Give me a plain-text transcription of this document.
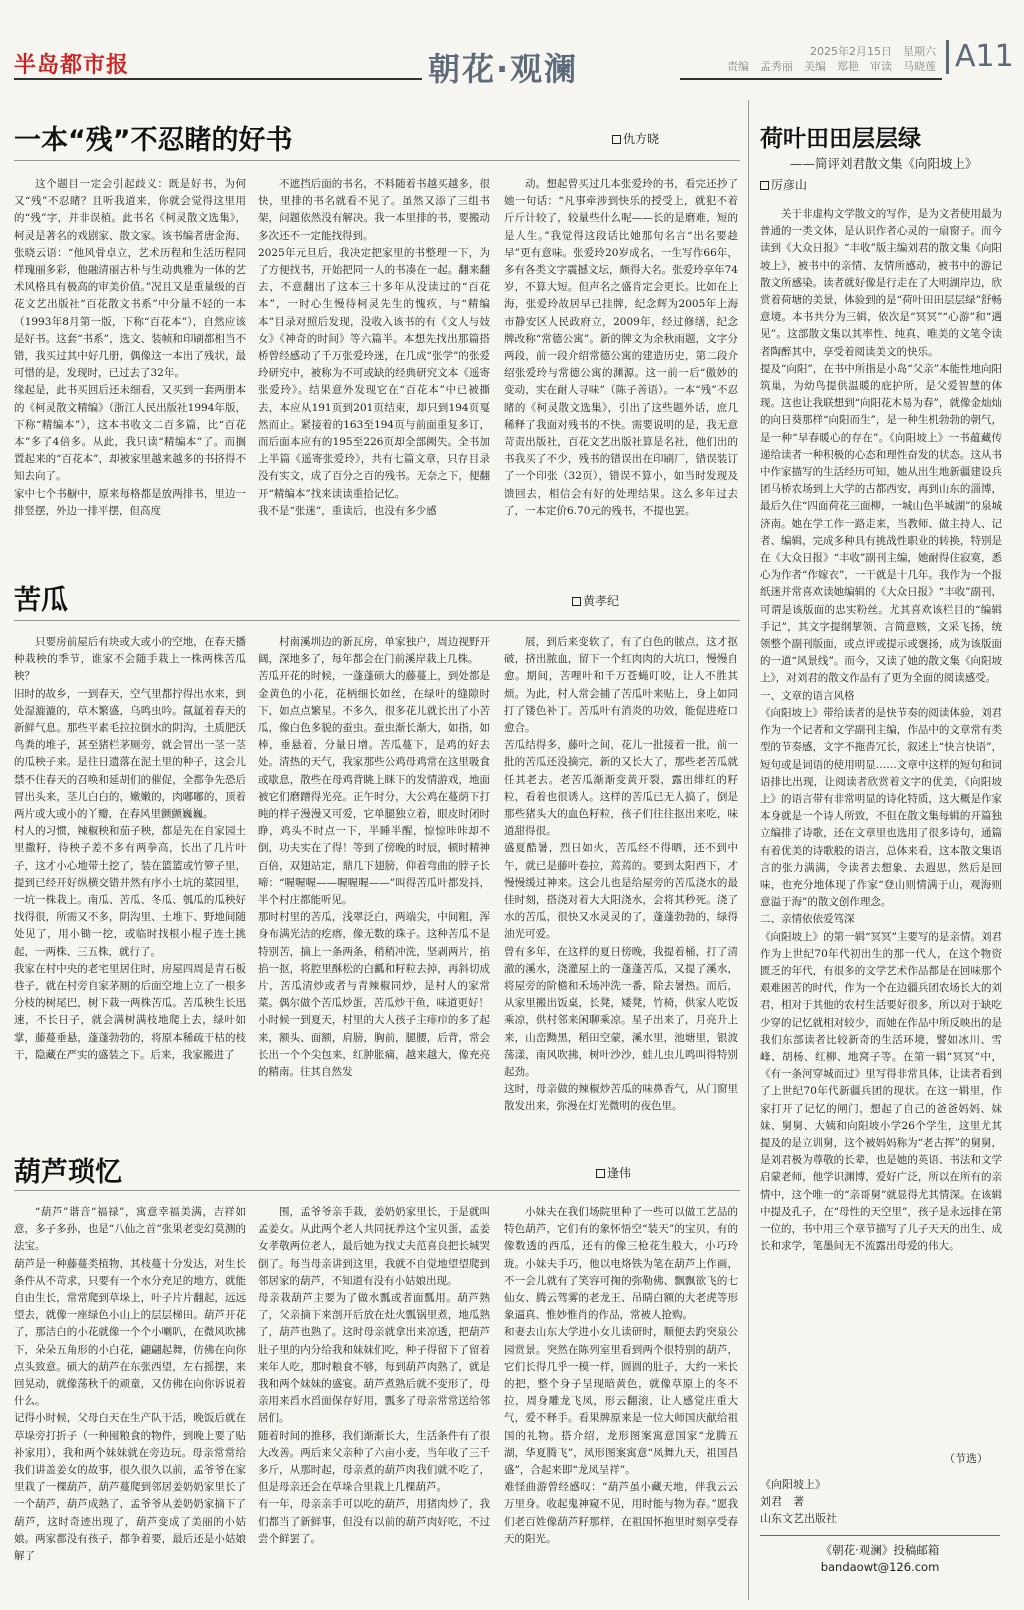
半岛都市报	朝花·观澜	2025年2月15日　星期六
责编　孟秀丽　美编　郑艳　审读　马晓莲 A11
一本“残”不忍睹的好书	仇方晓
这个题目一定会引起歧义：既是好书，为何又“残”不忍睹？且听我道来，你就会觉得这里用的“残”字，并非误植。此书名《柯灵散文选集》，柯灵是著名的戏剧家、散文家。该书编者唐金海、张晓云语：“他风骨卓立，艺术历程和生活历程同样瑰丽多彩，他融清丽古朴与生动典雅为一体的艺术风格具有极高的审美价值。”况且又是重量级的百花文艺出版社“百花散文书系”中分量不轻的一本（1993年8月第一版，下称“百花本”），自然应该是好书。这套“书系”，选文、装帧和印刷都相当不错，我买过其中好几册，偶像这一本出了残状，最可惜的是，发现时，已过去了32年。
缘起是，此书买回后还未细看，又买到一套两册本的《柯灵散文精编》（浙江人民出版社1994年版，下称“精编本”），这本书收文二百多篇，比“百花本”多了4倍多。从此，我只读“精编本”了。而搁置起来的“百花本”，却被家里越来越多的书挤得不知去向了。
家中七个书橱中，原来每格都是放两排书，里边一排竖摆，外边一排平摆，但高度
不遮挡后面的书名，不料随着书越买越多，很快，里排的书名就看不见了。虽然又添了三组书架，问题依然没有解决。我一本里排的书，要搬动多次还不一定能找得到。
2025年元旦后，我决定把家里的书整理一下，为了方便找书，开始把同一人的书凑在一起。翻来翻去，不意翻出了这本三十多年从没读过的“百花本”，一时心生慢待柯灵先生的愧疚，与“精编本”目录对照后发现，没收入该书的有《文人与妓女》《神奇的时间》等六篇半。本想先找出那篇搭桥曾经感动了千万张爱玲迷，在几成“张学”的张爱玲研究中，被称为不可或缺的经典研究文本《遥寄张爱玲》。结果意外发现它在“百花本”中已被撕去，本应从191页到201页结束，却只到194页戛然而止。紧接着的163至194页与前面重复多订，而后面本应有的195至226页却全部阙失。全书加上半篇《遥寄张爱玲》，共有七篇文章，只存目录没有实文，成了百分之百的残书。无奈之下，便翻开“精编本”找来读读重拾记忆。
我不是“张迷”，重读后，也没有多少感
动。想起曾买过几本张爱玲的书，看完还抄了她一句话：“凡事牵涉到快乐的授受上，就犯不着斤斤计较了，较量些什么呢——长的是磨难，短的是人生。”我觉得这段话比她那句名言“出名要趁早”更有意味。张爱玲20岁成名，一生写作66年，多有各类文字震撼文坛，颇得大名。张爱玲享年74岁，不算大短。但声名之盛肯定会更长。比如在上海，张爱玲故居早已挂牌，纪念辉为2005年上海市静安区人民政府立，2009年，经过修缮，纪念牌改称“常德公寓”。新的牌文为余秋雨题，文字分两段，前一段介绍常德公寓的建造历史，第二段介绍张爱玲与常德公寓的渊源。这一前一后“傲妙的变动，实在耐人寻味”（陈子善语）。一本“残”不忍睹的《柯灵散文选集》，引出了这些题外话，庶几稀释了我面对残书的不快。需要说明的是，我无意苛责出版社，百花文艺出版社算是名社，他们出的书我买了不少，残书的错误出在印刷厂，错误装订了一个印张（32页），错误不算小，如当时发现及馈回去，相信会有好的处理结果。这么多年过去了，一本定价6.70元的残书，不提也罢。
苦瓜	黄孝纪
只要房前屋后有块或大或小的空地，在春天播种栽秧的季节，谁家不会随手栽上一株两株苦瓜秧？
旧时的故乡，一到春天，空气里都拧得出水来，到处湿漉漉的，草木繁盛，乌鸣虫吟。氤氲着春天的新鲜气息。那些平素毛拉拉倒水的阴沟，土质肥沃鸟粪的堆子，甚至猪栏茅厕旁，就会冒出一茎一茎的瓜秧子来。是往日遗落在泥土里的种子，这会儿禁不住春天的召唤和延胡们的催促，全都争先恐后冒出头来，茎儿白白的，嫩嫩的，肉嘟嘟的，顶着两片或大或小的丫瓣，在春风里颤颤巍巍。
村人的习惯，辣椒秧和茄子秧，都是先在自家园土里撒籽，待秧子差不多有两拳高，长出了几片叶子，这才小心地带土挖了，装在篮篮或竹箩子里，提到已经开好纵横交错井然有序小土坑的菜园里，一坑一株栽上。南瓜、苦瓜、冬瓜、瓠瓜的瓜秧好找得很，所需又不多，阴沟里、土堆下、野地间随处见了，用小锄一挖，或临时找根小棍子连土挑起，一两株、三五株，就行了。
我家在村中央的老宅里居住时，房屋四周是青石板巷子，就在村旁自家茅厕的后面空地上立了一根多分枝的树尾巴，树下栽一两株苦瓜。苦瓜秧生长迅速，不长日子，就会满树满枝地爬上去，绿叶如掌，藤蔓垂悬，蓬蓬勃勃的，将原本稀疏干枯的枝干，隐藏在严实的盛装之下。后来，我家搬进了
村南溪圳边的新瓦房，单家独户，周边视野开阔，深地多了，每年都会在门前溪岸栽上几株。
苦瓜开花的时候，一蓬蓬硕大的藤蔓上，到处都是金黄色的小花，花柄细长如丝，在绿叶的缝隙时下，如点点繁星。不多久，很多花儿就长出了小苦瓜，像白色多貌的蚕虫。蚕虫渐长渐大，如指，如棒，垂悬着，分量日增。苦瓜蔓下，是鸡的好去处。清热的天气，我家那些公鸡母鸡常在这里吸食或歇息，散些在母鸡背眺上眯下的发情游戏，地面被它们磨蹭得光亮。正午时分，大公鸡在蔓荫下打盹的样子漫漫又可爱，它单腿独立着，眼皮时闭时睁，鸡头不时点一下，半睡半醒，惊惊咔咔却不倒，功夫实在了得！等到了傍晚的时辰，顿时精神百倍，双翅站定，鼎几下翅膀，仰着弯曲的脖子长啼：“喔喔喔——喔喔喔——”叫得苦瓜叶都发抖，半个村庄都能听见。
那时村里的苦瓜，浅翠泛白，两端尖，中间粗，浑身布满光洁的疙瘩，像无数的珠子。这种苦瓜不是特别苦，摘上一条两条，稍稍冲洗，坚剥两片，掐掐一抠，将腔里酥松的白瓤和籽粒去掉，再斜切成片，苦瓜清炒或者与青辣椒同炒，是村人的家常菜。偶尔做个苦瓜炒蛋，苦瓜炒干鱼，味道更好！
小时候一到夏天，村里的大人孩子主痱疖的多了起来，额头、面额，肩膀，胸前，腿腰，后背，常会长出一个个尖包来，红肿胀痛，越来越大，像充亮的精南。往其自然发
展，到后来变软了，有了白色的脓点，这才抠破，挤出脓血，留下一个红肉肉的大坑口，慢慢自愈。期间，苦哩叶和千万苍蝇叮咬，让人不胜其烦。为此，村人常会捕了苦瓜叶来贴上，身上如同打了镂色补丁。苦瓜叶有消炎的功效，能促进疮口愈合。
苦瓜结得多，藤叶之间，花儿一批接着一批，前一批的苦瓜还没摘完，新的又长大了，那些老苦瓜就任其老去。老苦瓜渐渐变黄开裂，露出绯红的籽粒，看着也很诱人。这样的苦瓜已无人搞了，倒是那些猪头大的血色籽粒，孩子们往往抠出来吃，味道甜得很。
盛夏酷暑，烈日如火，苦瓜经不得晒，还不到中午，就已是藤叶卷拉，蔫蔫的。要到太阳西下，才慢慢缓过神来。这会儿也是给屋旁的苦瓜浇水的最佳时刻，搭浇对着大大阳浇水，会将其秒死。浇了水的苦瓜，很快又水灵灵的了，蓬蓬勃勃的，绿得油光可爱。
曾有多年，在这样的夏日傍晚，我提着桶，打了清澈的溪水，浇灌屋上的一蓬蓬苦瓜，又提了溪水，将屋旁的阶檐和禾场冲洗一番，除去暑热。而后，从家里搬出饭桌，长凳，矮凳，竹椅，供家人吃饭乘凉，供村邻来闲聊乘凉。星子出来了，月亮升上来，山峦黝黑，稻田空蒙，溪水里，池塘里，银波荡漾，南风吹拂，树叶沙沙，蛙儿虫儿鸣叫得特别起劲。
这时，母亲做的辣椒炒苦瓜的味鼻香气，从门窗里散发出来，弥漫在灯光微明的夜色里。
葫芦琐忆	逢伟
“葫芦”谐音“福禄”，寓意幸福美满，吉祥如意，多子多孙，也是“八仙之首”张果老变幻莫测的法宝。
葫芦是一种藤蔓类植物，其枝蔓十分发达，对生长条件从不苛求，只要有一个水分充足的地方，就能自由生长，常常爬到草垛上，叶子片片翻起，远远望去，就像一座绿色小山上的层层梯田。葫芦开花了，那洁白的小花就像一个个小喇叭，在微风吹拂下，朵朵五角形的小白花，翩翩起舞，仿佛在向你点头致意。硕大的葫芦在东张西望，左右摇摆，来回晃动，就像荡秋千的顽童，又仿佛在向你诉说着什么。
记得小时候，父母白天在生产队干活，晚饭后就在草垛旁打折子（一种囤粮食的物件，到晚上要了贴补家用），我和两个妹妹就在旁边玩。母亲常常给我们讲盖姜女的故事，很久很久以前，孟爷爷在家里栽了一棵葫芦，葫芦蔓爬到邻居姜奶奶家里长了一个葫芦，葫芦成熟了，孟爷爷从姜奶奶家摘下了葫芦，这时奇迹出现了，葫芦变成了美丽的小姑娘。两家都没有孩子，都争着要，最后还是小姑娘解了
围，孟爷爷亲手栽，姜奶奶家里长，于是就叫孟姜女。从此两个老人共同抚养这个宝贝蛋，孟姜女孝敬两位老人，最后她为找丈夫范喜良把长城哭倒了。每当母亲讲到这里，我就不自觉地望望爬到邻居家的葫芦，不知道有没有小姑娘出现。
母亲栽葫芦主要为了做水瓢或者面瓢用。葫芦熟了，父亲摘下来剖开后放在灶火瓢锅里煮，地瓜熟了，葫芦也熟了。这时母亲就拿出来凉透，把葫芦肚子里的内分给我和妹妹们吃，种子得留下了留着来年人吃，那时粮食不够，每到葫芦肉熟了，就是我和两个妹妹的盛宴。葫芦煮熟后就不变形了，母亲用来舀水舀面保存好用，瓢多了母亲常常送给邻居们。
随着时间的推移，我们渐渐长大，生活条件有了很大改善。两后来父亲种了六亩小麦，当年收了三千多斤，从那时起，母亲煮的葫芦肉我们就不吃了，但是母亲还会在草垛合里栽上几棵葫芦。
有一年，母亲亲手可以吃的葫芦，用猪肉炒了，我们都当了新鲜事，但没有以前的葫芦肉好吃，不过尝个鲜罢了。
小妹夫在我们场院里种了一些可以做工艺品的特色葫芦，它们有的象怀悟空“装天”的宝贝，有的像数透的西瓜，还有的像三枪花生般大，小巧玲珑。小妹夫手巧，他以电烙铁为笔在葫芦上作画，不一会儿就有了笑容可掬的弥勒佛、飘飘欲飞的七仙女、腾云驾雾的老龙王、吊睛白额的大老虎等形象逼真、惟妙惟肖的作品，常被人抢购。
和妻去山东大学进小女儿读研时，顺便去趵突泉公园赏景。突然在陈列室里看到两个很特别的葫芦，它们长得几乎一模一样，圆圆的肚子，大约一米长的把，整个身子呈现暗黄色，就像草原上的冬不拉，周身雕龙飞凤，形云翻滚，让人感觉庄重大气，爱不释手。看果牌原来是一位大师国庆献给祖国的礼物。搭介绍，龙形图案寓意国家“龙腾五湖，华夏腾飞”，凤形图案寓意“凤舞九天，祖国昌盛”，合起来即“龙凤呈祥”。
难怪曲游曾经感叹：“葫芦虽小藏天地，伴我云云万里身。收起鬼神窥不见，用时能与物为春。”愿我们老百姓像葫芦籽那样，在祖国怀抱里时刻享受春天的阳光。
荷叶田田层层绿
——简评刘君散文集《向阳坡上》
厉彦山
关于非虚构文学散文的写作，是为文者使用最为普通的一类文体，是认识作者心灵的一扇窗子。而今读到《大众日报》“丰收”版主编刘君的散文集《向阳坡上》，被书中的亲情、友情所感动，被书中的游记散文所感染。读者就好像是行走在了大明湖岸边，欣赏着荷塘的美景，体验到的是“荷叶田田层层绿”舒畅意境。本书共分为三辑，依次是“冥冥”“心游”和“遇见”。这部散文集以其率性、纯真、唯美的文笔令读者陶醉其中，享受着阅读美文的快乐。
提及“向阳”，在书中所指是小岛“父亲”本能性地向阳筑巢，为幼鸟提供温暖的庇护所，是父爱智慧的体现。这也让我联想到“向阳花木易为春”，就像金灿灿的向日葵那样“向阳而生”，是一种生机勃勃的朝气，是一种“早春暖心的存在”。《向阳坡上》一书蕴藏传递给读者一种积极的心态和理性奋发的状态。这从书中作家描写的生活经历可知，她从出生地新疆建设兵团马桥农场到上大学的古都西安，再到山东的淄博，最后久住“四面荷花三面柳，一城山色半城湖”的泉城济南。她在学工作一路走来，当教师、做主持人、记者、编辑，完成多种具有挑战性职业的转换，特别是在《大众日报》“丰收”副刊主编，她耐得住寂寞，悉心为作者“作嫁衣”，一干就是十几年。我作为一个报纸迷并常喜欢读她编辑的《大众日报》“丰收”副刊，可谓是该版面的忠实粉丝。尤其喜欢该栏目的“编辑手记”，其文字提纲挈领、言简意赅，文采飞扬，统领整个副刊版面，或点评或提示或褒扬，成为该版面的一道“风景线”。而今，又读了她的散文集《向阳坡上》，对刘君的散文作品有了更为全面的阅读感受。
一、文章的语言风格
《向阳坡上》带给读者的是快节奏的阅读体验，刘君作为一个记者和文学副刊主编，作品中的文章常有类型的节奏感，文字不拖沓冗长，叙述上“快言快语”，短句或是词语的使用明显……文章中这样的短句和词语排比出现，让阅读者欣赏着文字的优美，《向阳坡上》的语言带有非常明显的诗化特质，这大概是作家本身就是一个诗人所致，不但在散文集每辑的开篇独立编排了诗歌，还在文章里也选用了很多诗句，通篇有着优美的诗歌般的语言，总体来看，这本散文集语言的张力满满，令读者去想象、去遐思，然后是回味，也充分地体现了作家“登山则情满于山，观海则意溢于海”的散文创作理念。
二、亲情依依爱笃深
《向阳坡上》的第一辑“冥冥”主要写的是亲情。刘君作为上世纪70年代初出生的那一代人，在这个物资匮乏的年代，有很多的文学艺术作品都是在回味那个艰难困苦的时代，作为一个在边疆兵团农场长大的刘君，相对于其他的农村生活要好很多，所以对于缺吃少穿的记忆就相对较少，而她在作品中所反映出的是我们东部读者比较新奇的生活环境，譬如冰川、雪峰、胡杨、红柳、地窝子等。在第一辑“冥冥”中，《有一条河穿城而过》里写得非常具体，让读者看到了上世纪70年代新疆兵团的现状。在这一辑里，作家打开了记忆的闸门，想起了自己的爸爸妈妈、妹妹、舅舅、大姨和向阳坡小学26个学生，这里尤其提及的是立训舅，这个被妈妈称为“老古挥”的舅舅，是刘君极为尊敬的长辈，也是她的英语、书法和文学启蒙老师，他学识渊博，爱好广泛，所以在所有的亲情中，这个唯一的“亲哥舅”就显得尤其情深。在该辑中提及孔子，在“母性的天空里”，孩子是永远排在第一位的，书中用三个章节描写了儿子天天的出生、成长和求学，笔墨间无不流露出母爱的伟大。
（节选）
《向阳坡上》
刘君　著
山东文艺出版社
《朝花·观澜》投稿邮箱
bandaowt@126.com
